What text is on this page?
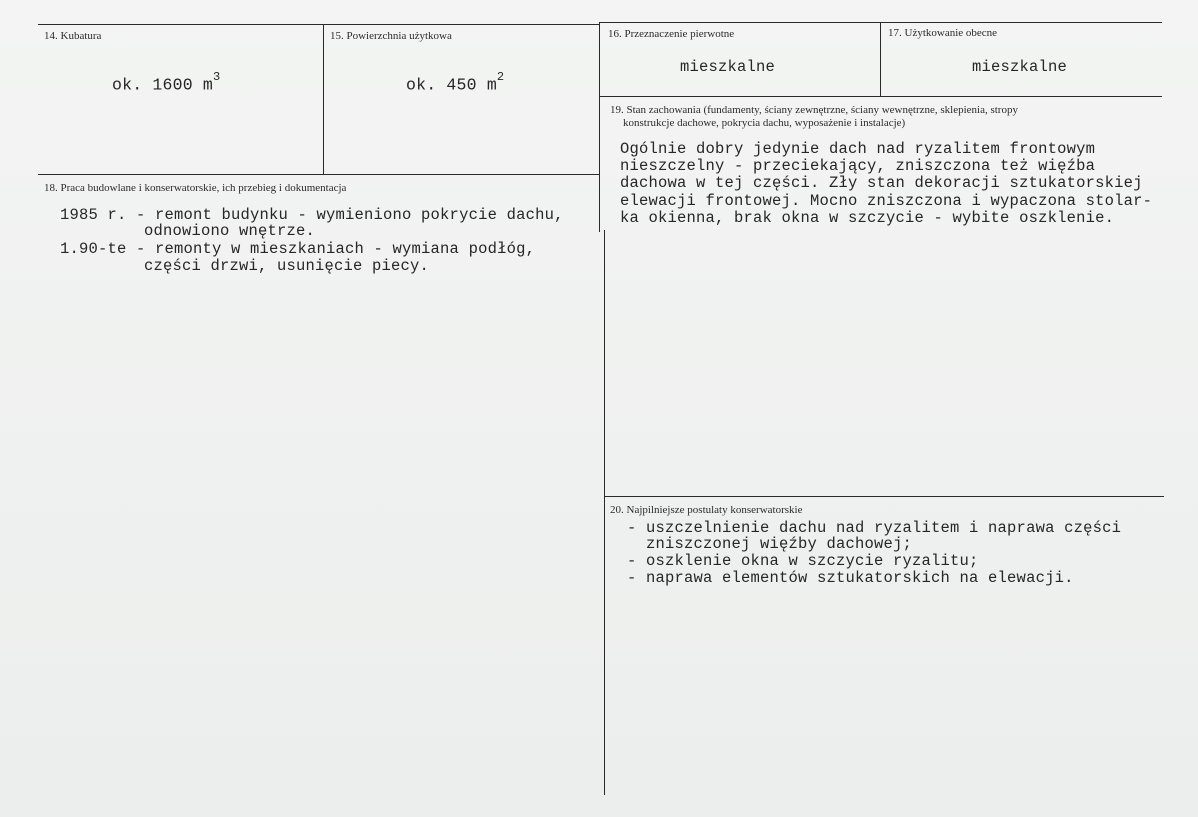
14. Kubatura
ok. 1600 $m^3$
15. Powierzchnia użytkowa
ok. 450 $m^2$
16. Przeznaczenie pierwotne
mieszkalne
17. Użytkowanie obecne
mieszkalne
18. Praca budowlane i konserwatorskie, ich przebieg i dokumentacja
1985 r. - remont budynku - wymieniono pokrycie dachu,
odnowiono wnętrze.
1.90-te - remonty w mieszkaniach - wymiana podłóg,
części drzwi, usunięcie piecy.
19. Stan zachowania (fundamenty, ściany zewnętrzne, ściany wewnętrzne, sklepienia, stropy
konstrukcje dachowe, pokrycia dachu, wyposażenie i instalacje)
Ogólnie dobry jedynie dach nad ryzalitem frontowym
nieszczelny - przeciekający, zniszczona też więźba
dachowa w tej części. Zły stan dekoracji sztukatorskiej
elewacji frontowej. Mocno zniszczona i wypaczona stolar-
ka okienna, brak okna w szczycie - wybite oszklenie.
20. Najpilniejsze postulaty konserwatorskie
- uszczelnienie dachu nad ryzalitem i naprawa części
zniszczonej więźby dachowej;
- oszklenie okna w szczycie ryzalitu;
- naprawa elementów sztukatorskich na elewacji.
